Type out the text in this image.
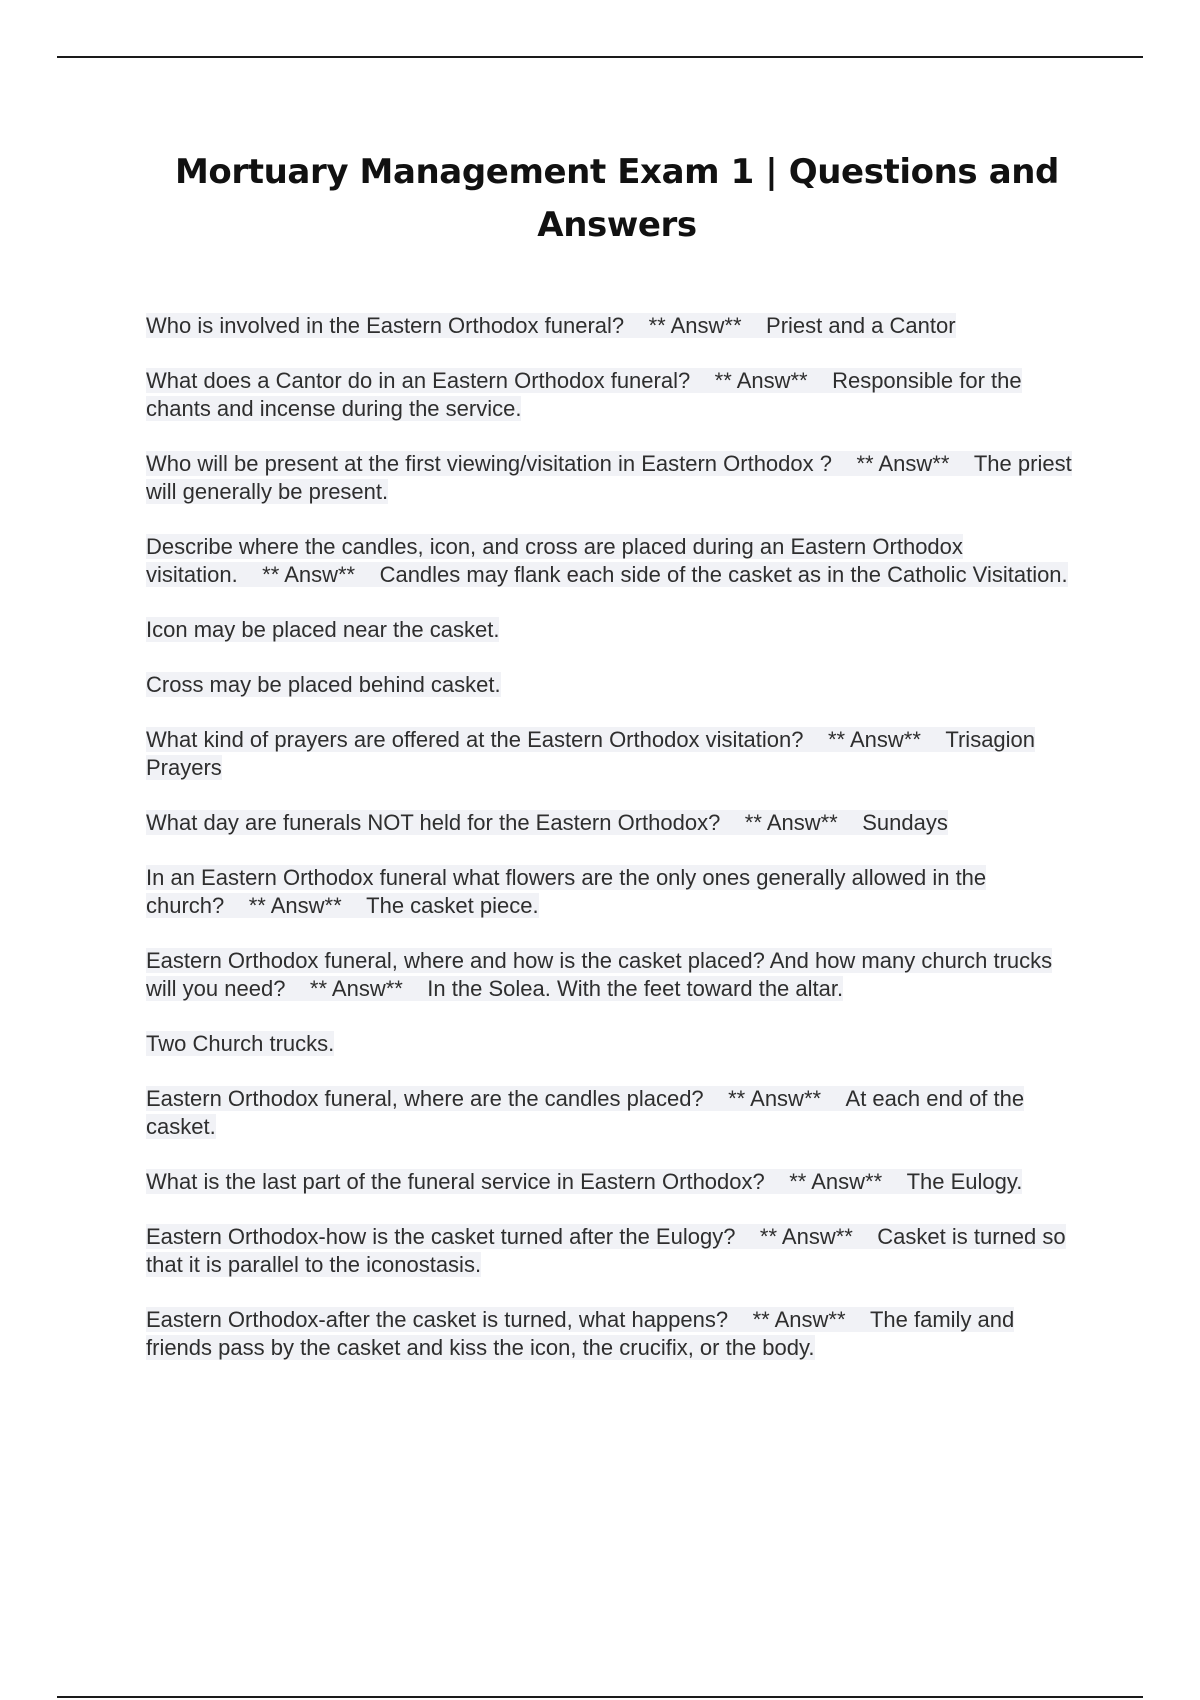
Mortuary Management Exam 1 | Questions and Answers

Who is involved in the Eastern Orthodox funeral? ** Answ** Priest and a Cantor

What does a Cantor do in an Eastern Orthodox funeral? ** Answ** Responsible for the chants and incense during the service.

Who will be present at the first viewing/visitation in Eastern Orthodox ? ** Answ** The priest will generally be present.

Describe where the candles, icon, and cross are placed during an Eastern Orthodox visitation. ** Answ** Candles may flank each side of the casket as in the Catholic Visitation.

Icon may be placed near the casket.

Cross may be placed behind casket.

What kind of prayers are offered at the Eastern Orthodox visitation? ** Answ** Trisagion Prayers

What day are funerals NOT held for the Eastern Orthodox? ** Answ** Sundays

In an Eastern Orthodox funeral what flowers are the only ones generally allowed in the church? ** Answ** The casket piece.

Eastern Orthodox funeral, where and how is the casket placed? And how many church trucks will you need? ** Answ** In the Solea. With the feet toward the altar.

Two Church trucks.

Eastern Orthodox funeral, where are the candles placed? ** Answ** At each end of the casket.

What is the last part of the funeral service in Eastern Orthodox? ** Answ** The Eulogy.

Eastern Orthodox-how is the casket turned after the Eulogy? ** Answ** Casket is turned so that it is parallel to the iconostasis.

Eastern Orthodox-after the casket is turned, what happens? ** Answ** The family and friends pass by the casket and kiss the icon, the crucifix, or the body.
